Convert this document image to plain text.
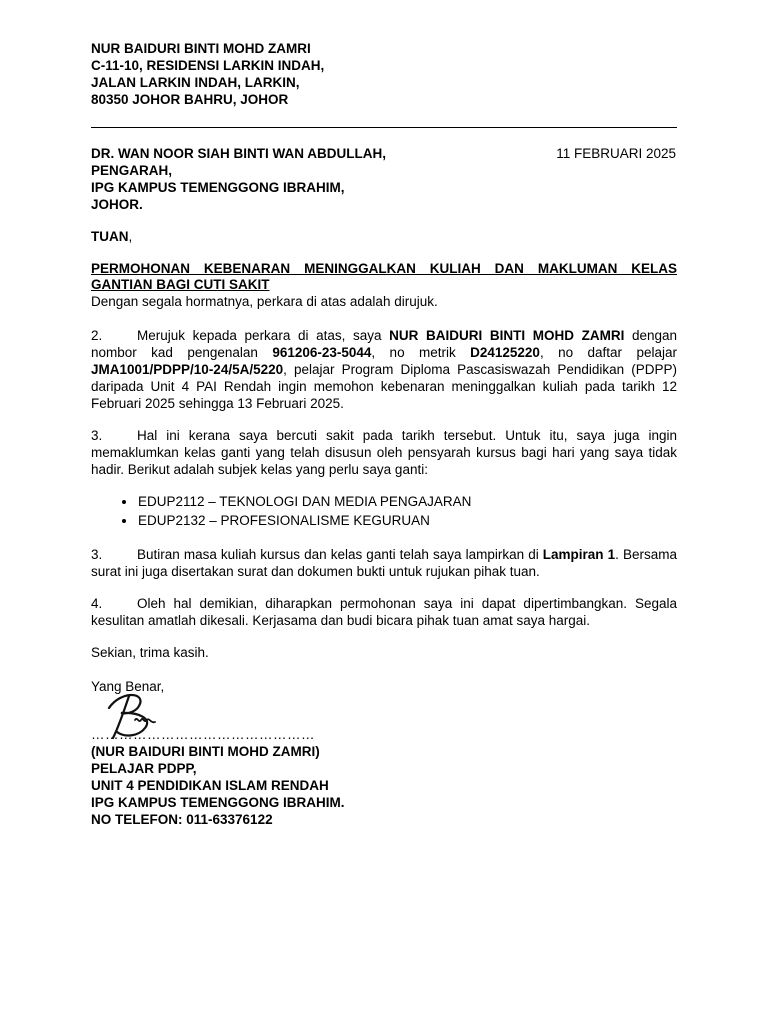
NUR BAIDURI BINTI MOHD ZAMRI
C-11-10, RESIDENSI LARKIN INDAH,
JALAN LARKIN INDAH, LARKIN,
80350 JOHOR BAHRU, JOHOR
DR. WAN NOOR SIAH BINTI WAN ABDULLAH,
PENGARAH,
IPG KAMPUS TEMENGGONG IBRAHIM,
JOHOR.
11 FEBRUARI 2025
TUAN,
PERMOHONAN KEBENARAN MENINGGALKAN KULIAH DAN MAKLUMAN KELAS
GANTIAN BAGI CUTI SAKIT
Dengan segala hormatnya, perkara di atas adalah dirujuk.
2.	Merujuk kepada perkara di atas, saya NUR BAIDURI BINTI MOHD ZAMRI dengan nombor kad pengenalan 961206-23-5044, no metrik D24125220, no daftar pelajar JMA1001/PDPP/10-24/5A/5220, pelajar Program Diploma Pascasiswazah Pendidikan (PDPP) daripada Unit 4 PAI Rendah ingin memohon kebenaran meninggalkan kuliah pada tarikh 12 Februari 2025 sehingga 13 Februari 2025.
3.	Hal ini kerana saya bercuti sakit pada tarikh tersebut. Untuk itu, saya juga ingin memaklumkan kelas ganti yang telah disusun oleh pensyarah kursus bagi hari yang saya tidak hadir. Berikut adalah subjek kelas yang perlu saya ganti:
• EDUP2112 – TEKNOLOGI DAN MEDIA PENGAJARAN
• EDUP2132 – PROFESIONALISME KEGURUAN
3.	Butiran masa kuliah kursus dan kelas ganti telah saya lampirkan di Lampiran 1. Bersama surat ini juga disertakan surat dan dokumen bukti untuk rujukan pihak tuan.
4.	Oleh hal demikian, diharapkan permohonan saya ini dapat dipertimbangkan. Segala kesulitan amatlah dikesali. Kerjasama dan budi bicara pihak tuan amat saya hargai.
Sekian, trima kasih.
Yang Benar,
…………………………………………
(NUR BAIDURI BINTI MOHD ZAMRI)
PELAJAR PDPP,
UNIT 4 PENDIDIKAN ISLAM RENDAH
IPG KAMPUS TEMENGGONG IBRAHIM.
NO TELEFON: 011-63376122
